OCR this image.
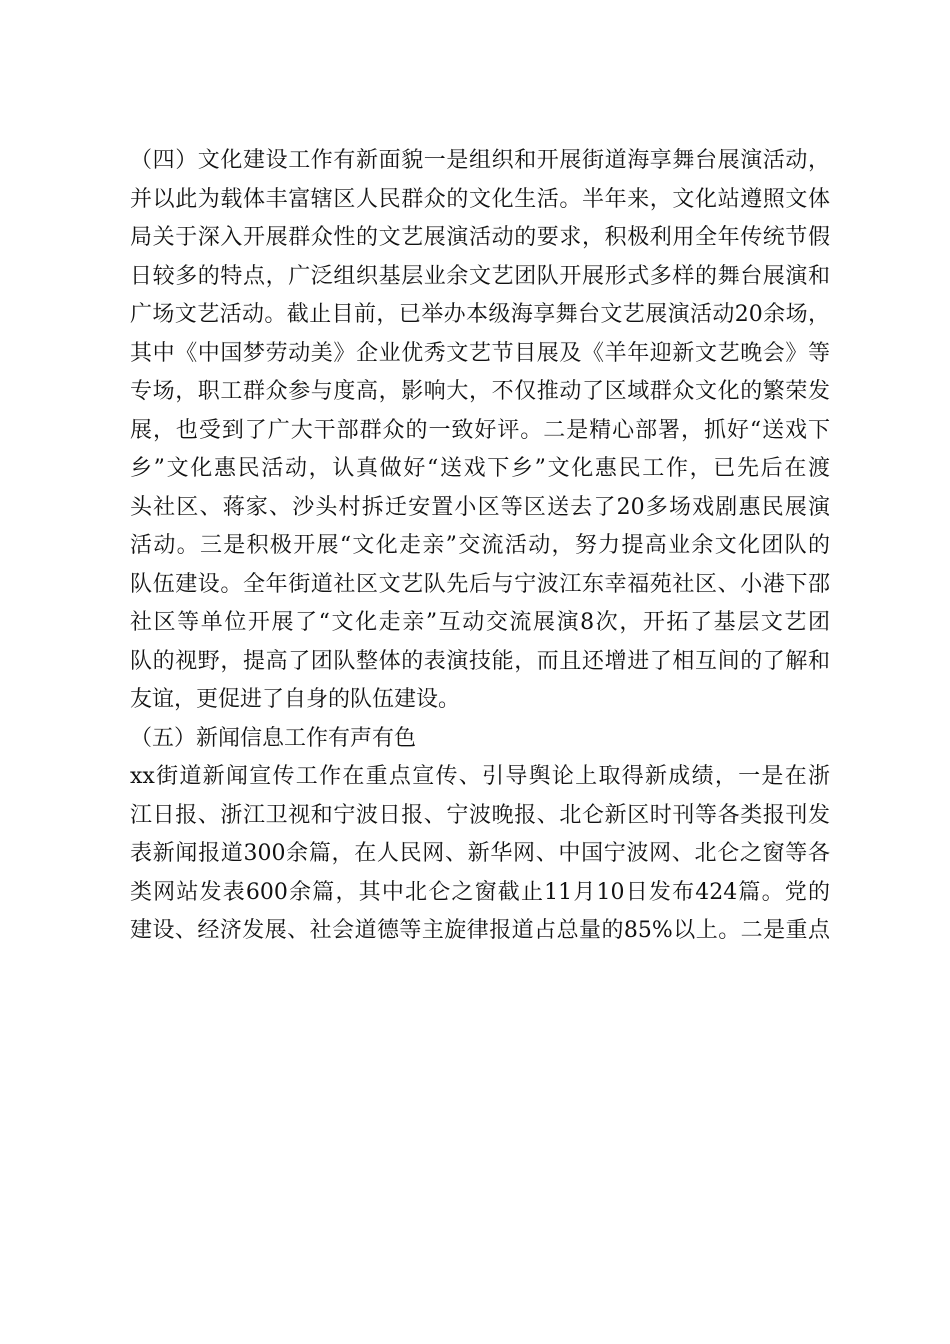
（四）文化建设工作有新面貌一是组织和开展街道海享舞台展演活动，
并以此为载体丰富辖区人民群众的文化生活。半年来，文化站遵照文体
局关于深入开展群众性的文艺展演活动的要求，积极利用全年传统节假
日较多的特点，广泛组织基层业余文艺团队开展形式多样的舞台展演和
广场文艺活动。截止目前，已举办本级海享舞台文艺展演活动20余场，
其中《中国梦劳动美》企业优秀文艺节目展及《羊年迎新文艺晚会》等
专场，职工群众参与度高，影响大，不仅推动了区域群众文化的繁荣发
展，也受到了广大干部群众的一致好评。二是精心部署，抓好“送戏下
乡”文化惠民活动，认真做好“送戏下乡”文化惠民工作，已先后在渡
头社区、蒋家、沙头村拆迁安置小区等区送去了20多场戏剧惠民展演
活动。三是积极开展“文化走亲”交流活动，努力提高业余文化团队的
队伍建设。全年街道社区文艺队先后与宁波江东幸福苑社区、小港下邵
社区等单位开展了“文化走亲”互动交流展演8次，开拓了基层文艺团
队的视野，提高了团队整体的表演技能，而且还增进了相互间的了解和
友谊，更促进了自身的队伍建设。
（五）新闻信息工作有声有色
xx街道新闻宣传工作在重点宣传、引导舆论上取得新成绩，一是在浙
江日报、浙江卫视和宁波日报、宁波晚报、北仑新区时刊等各类报刊发
表新闻报道300余篇，在人民网、新华网、中国宁波网、北仑之窗等各
类网站发表600余篇，其中北仑之窗截止11月10日发布424篇。党的
建设、经济发展、社会道德等主旋律报道占总量的85%以上。二是重点
